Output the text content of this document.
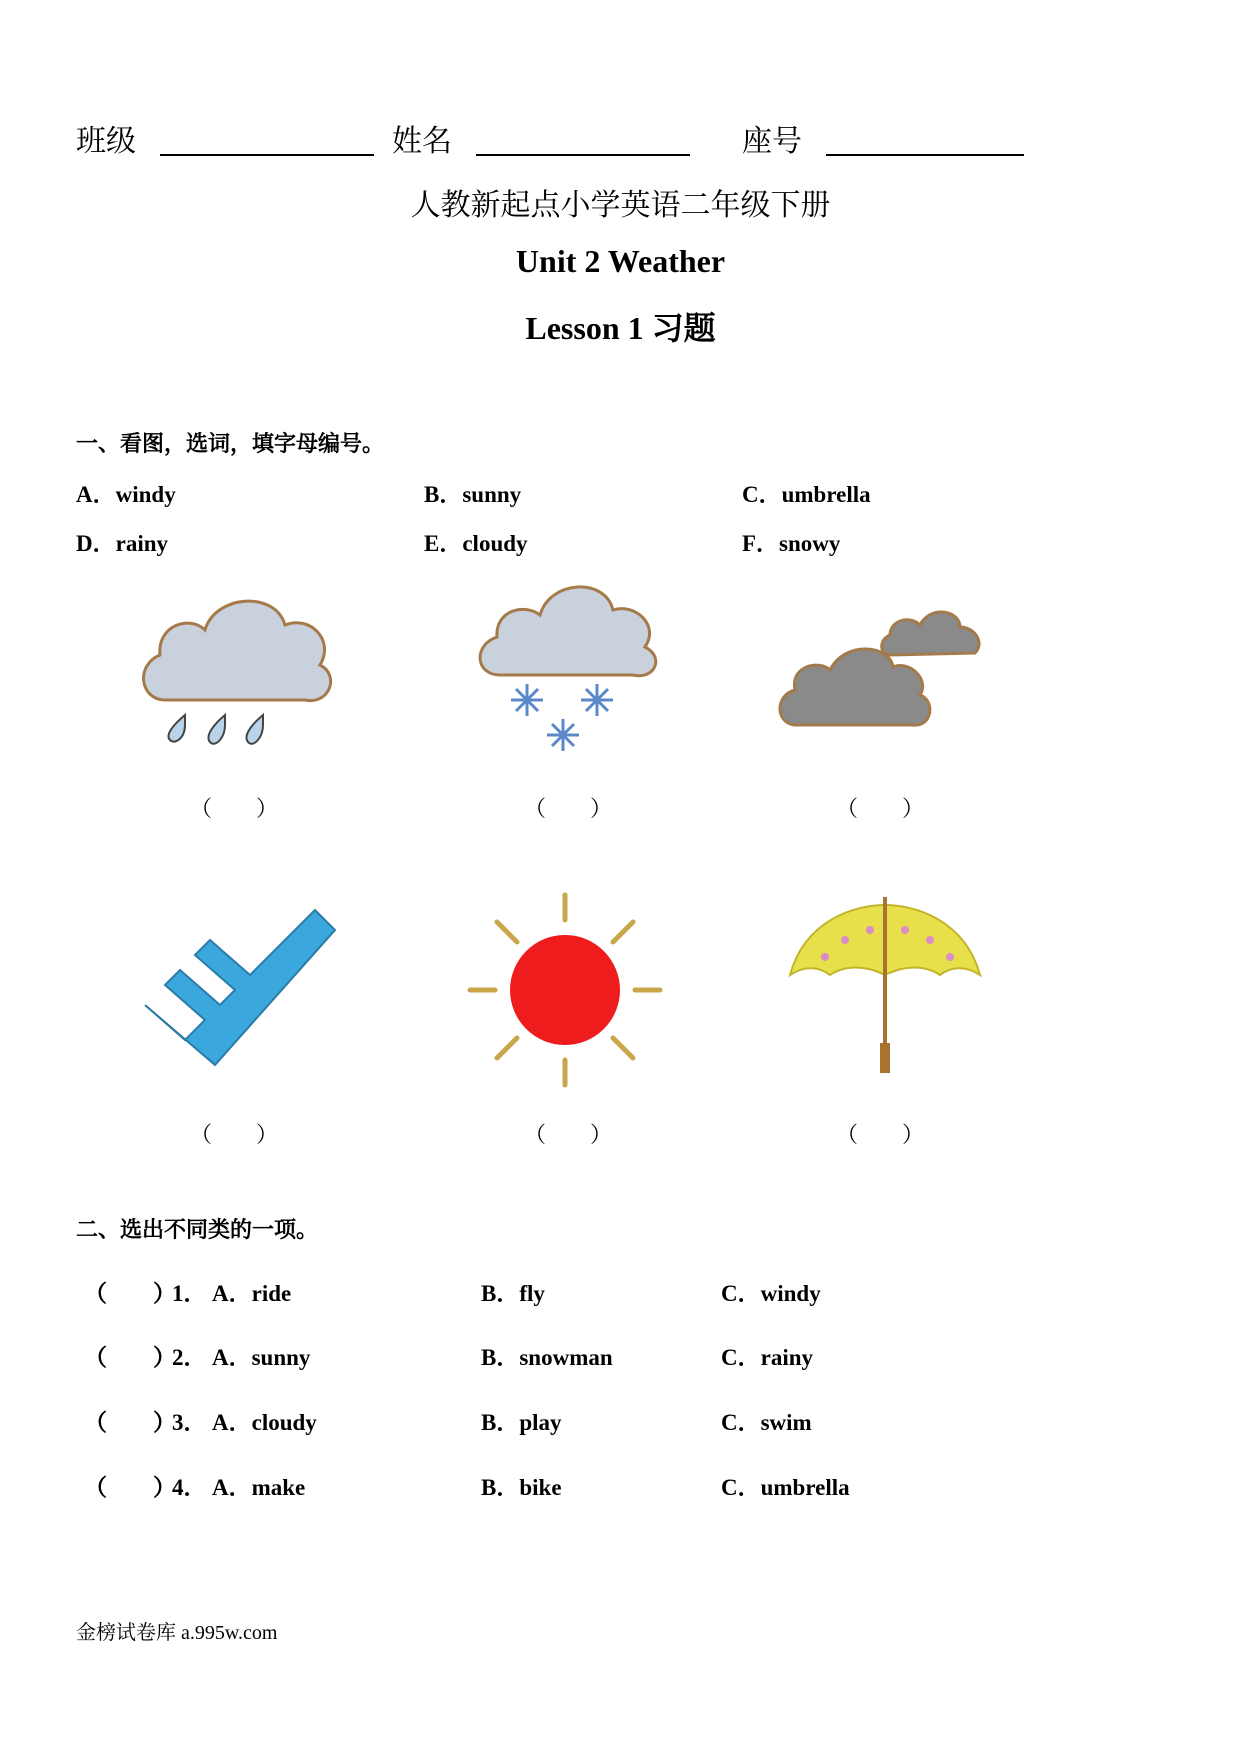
班级	姓名	座号
人教新起点小学英语二年级下册
Unit 2 Weather
Lesson 1 习题
一、看图，选词，填字母编号。
A．windy	B．sunny	C．umbrella
D．rainy	E．cloudy	F．snowy
（　　）	（　　）	（　　）
（　　）	（　　）	（　　）
二、选出不同类的一项。
（　　）
1． A．ride	B．fly	C．windy
（　　）
2． A．sunny	B．snowman	C．rainy
（　　）
3． A．cloudy	B．play	C．swim
（　　）
4． A．make	B．bike	C．umbrella
金榜试卷库 a.995w.com
